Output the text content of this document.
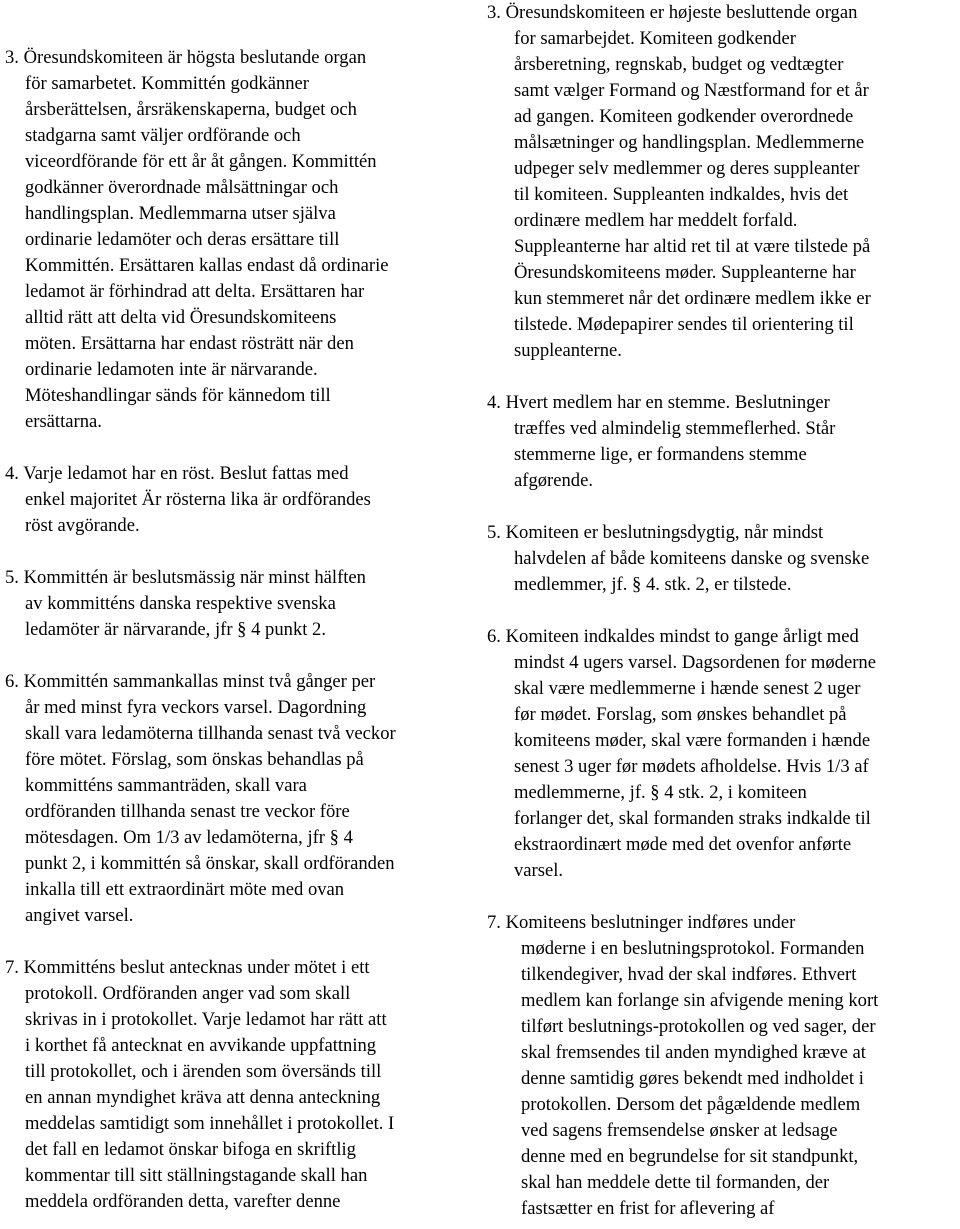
3. Öresundskomiteen är högsta beslutande organ
för samarbetet. Kommittén godkänner
årsberättelsen, årsräkenskaperna, budget och
stadgarna samt väljer ordförande och
viceordförande för ett år åt gången. Kommittén
godkänner överordnade målsättningar och
handlingsplan. Medlemmarna utser själva
ordinarie ledamöter och deras ersättare till
Kommittén. Ersättaren kallas endast då ordinarie
ledamot är förhindrad att delta. Ersättaren har
alltid rätt att delta vid Öresundskomiteens
möten. Ersättarna har endast rösträtt när den
ordinarie ledamoten inte är närvarande.
Möteshandlingar sänds för kännedom till
ersättarna.
4. Varje ledamot har en röst. Beslut fattas med
enkel majoritet Är rösterna lika är ordförandes
röst avgörande.
5. Kommittén är beslutsmässig när minst hälften
av kommitténs danska respektive svenska
ledamöter är närvarande, jfr § 4 punkt 2.
6. Kommittén sammankallas minst två gånger per
år med minst fyra veckors varsel. Dagordning
skall vara ledamöterna tillhanda senast två veckor
före mötet. Förslag, som önskas behandlas på
kommitténs sammanträden, skall vara
ordföranden tillhanda senast tre veckor före
mötesdagen. Om 1/3 av ledamöterna, jfr § 4
punkt 2, i kommittén så önskar, skall ordföranden
inkalla till ett extraordinärt möte med ovan
angivet varsel.
7. Kommitténs beslut antecknas under mötet i ett
protokoll. Ordföranden anger vad som skall
skrivas in i protokollet. Varje ledamot har rätt att
i korthet få antecknat en avvikande uppfattning
till protokollet, och i ärenden som översänds till
en annan myndighet kräva att denna anteckning
meddelas samtidigt som innehållet i protokollet. I
det fall en ledamot önskar bifoga en skriftlig
kommentar till sitt ställningstagande skall han
meddela ordföranden detta, varefter denne
3. Öresundskomiteen er højeste besluttende organ
for samarbejdet. Komiteen godkender
årsberetning, regnskab, budget og vedtægter
samt vælger Formand og Næstformand for et år
ad gangen. Komiteen godkender overordnede
målsætninger og handlingsplan. Medlemmerne
udpeger selv medlemmer og deres suppleanter
til komiteen. Suppleanten indkaldes, hvis det
ordinære medlem har meddelt forfald.
Suppleanterne har altid ret til at være tilstede på
Öresundskomiteens møder. Suppleanterne har
kun stemmeret når det ordinære medlem ikke er
tilstede. Mødepapirer sendes til orientering til
suppleanterne.
4. Hvert medlem har en stemme. Beslutninger
træffes ved almindelig stemmeflerhed. Står
stemmerne lige, er formandens stemme
afgørende.
5. Komiteen er beslutningsdygtig, når mindst
halvdelen af både komiteens danske og svenske
medlemmer, jf. § 4. stk. 2, er tilstede.
6. Komiteen indkaldes mindst to gange årligt med
mindst 4 ugers varsel. Dagsordenen for møderne
skal være medlemmerne i hænde senest 2 uger
før mødet. Forslag, som ønskes behandlet på
komiteens møder, skal være formanden i hænde
senest 3 uger før mødets afholdelse. Hvis 1/3 af
medlemmerne, jf. § 4 stk. 2, i komiteen
forlanger det, skal formanden straks indkalde til
ekstraordinært møde med det ovenfor anførte
varsel.
7. Komiteens beslutninger indføres under
møderne i en beslutningsprotokol. Formanden
tilkendegiver, hvad der skal indføres. Ethvert
medlem kan forlange sin afvigende mening kort
tilført beslutnings-protokollen og ved sager, der
skal fremsendes til anden myndighed kræve at
denne samtidig gøres bekendt med indholdet i
protokollen. Dersom det pågældende medlem
ved sagens fremsendelse ønsker at ledsage
denne med en begrundelse for sit standpunkt,
skal han meddele dette til formanden, der
fastsætter en frist for aflevering af
